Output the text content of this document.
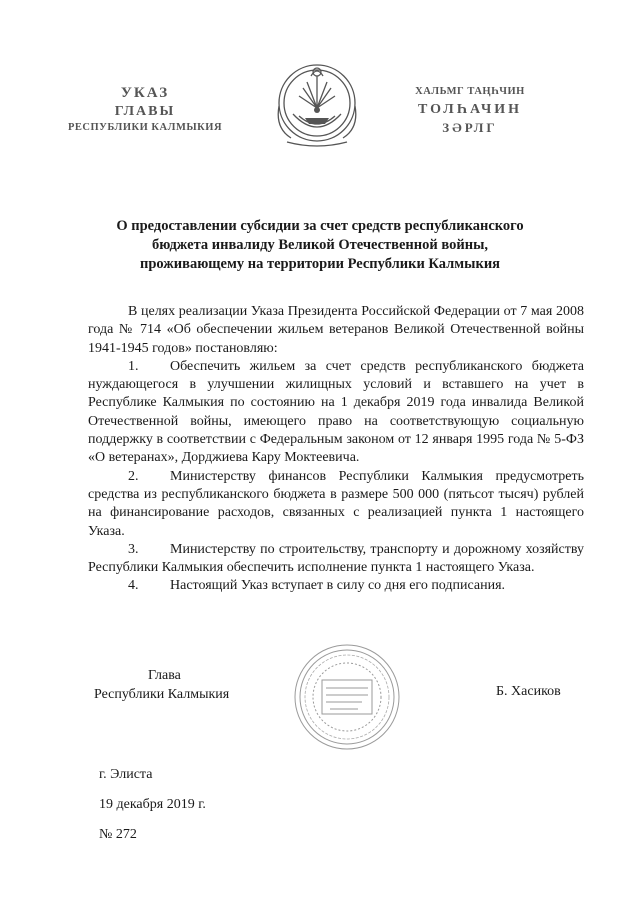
УКАЗ
ГЛАВЫ
РЕСПУБЛИКИ КАЛМЫКИЯ
ХАЛЬМГ ТАҢҺЧИН
ТОЛҺАЧИН
ЗӘРЛГ
О предоставлении субсидии за счет средств республиканского
бюджета инвалиду Великой Отечественной войны,
проживающему на территории Республики Калмыкия

В целях реализации Указа Президента Российской Федерации от 7 мая 2008 года № 714 «Об обеспечении жильем ветеранов Великой Отечественной войны 1941-1945 годов» постановляю:

1. Обеспечить жильем за счет средств республиканского бюджета нуждающегося в улучшении жилищных условий и вставшего на учет в Республике Калмыкия по состоянию на 1 декабря 2019 года инвалида Великой Отечественной войны, имеющего право на соответствующую социальную поддержку в соответствии с Федеральным законом от 12 января 1995 года № 5-ФЗ «О ветеранах», Дорджиева Кару Моктеевича.

2. Министерству финансов Республики Калмыкия предусмотреть средства из республиканского бюджета в размере 500 000 (пятьсот тысяч) рублей на финансирование расходов, связанных с реализацией пункта 1 настоящего Указа.

3. Министерству по строительству, транспорту и дорожному хозяйству Республики Калмыкия обеспечить исполнение пункта 1 настоящего Указа.

4. Настоящий Указ вступает в силу со дня его подписания.

Глава
Республики Калмыкия	Б. Хасиков
г. Элиста
19 декабря 2019 г.
№ 272
